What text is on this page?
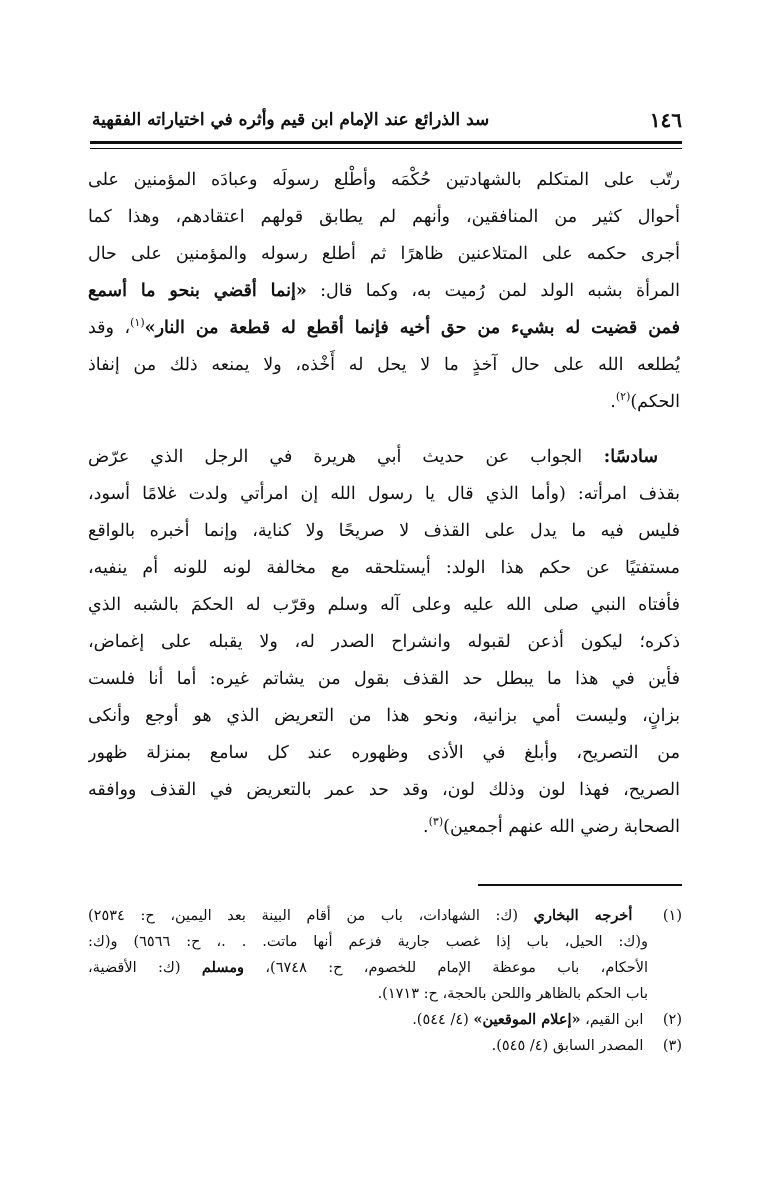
١٤٦
سد الذرائع عند الإمام ابن قيم وأثره في اختياراته الفقهية
رتّب على المتكلم بالشهادتين حُكْمَه وأطْلع رسولَه وعبادَه المؤمنين على
أحوال كثير من المنافقين، وأنهم لم يطابق قولهم اعتقادهم، وهذا كما
أجرى حكمه على المتلاعنين ظاهرًا ثم أطلع رسوله والمؤمنين على حال
المرأة بشبه الولد لمن رُميت به، وكما قال: «إنما أقضي بنحو ما أسمع
فمن قضيت له بشيء من حق أخيه فإنما أقطع له قطعة من النار»$^{(١)}$، وقد
يُطلعه الله على حال آخذٍ ما لا يحل له أَخْذه، ولا يمنعه ذلك من إنفاذ
الحكم)$^{(٢)}$.
سادسًا: الجواب عن حديث أبي هريرة في الرجل الذي عرّض
بقذف امرأته: (وأما الذي قال يا رسول الله إن امرأتي ولدت غلامًا أسود،
فليس فيه ما يدل على القذف لا صريحًا ولا كناية، وإنما أخبره بالواقع
مستفتيًا عن حكم هذا الولد: أيستلحقه مع مخالفة لونه للونه أم ينفيه،
فأفتاه النبي صلى الله عليه وعلى آله وسلم وقرّب له الحكمَ بالشبه الذي
ذكره؛ ليكون أذعن لقبوله وانشراح الصدر له، ولا يقبله على إغماض،
فأين في هذا ما يبطل حد القذف بقول من يشاتم غيره: أما أنا فلست
بزانٍ، وليست أمي بزانية، ونحو هذا من التعريض الذي هو أوجع وأنكى
من التصريح، وأبلغ في الأذى وظهوره عند كل سامع بمنزلة ظهور
الصريح، فهذا لون وذلك لون، وقد حد عمر بالتعريض في القذف ووافقه
الصحابة رضي الله عنهم أجمعين)$^{(٣)}$.
(١) أخرجه البخاري (ك: الشهادات، باب من أقام البينة بعد اليمين، ح: ٢٥٣٤)
و(ك: الحيل، باب إذا غصب جارية فزعم أنها ماتت. . .، ح: ٦٥٦٦) و(ك:
الأحكام، باب موعظة الإمام للخصوم، ح: ٦٧٤٨)، ومسلم (ك: الأقضية،
باب الحكم بالظاهر واللحن بالحجة، ح: ١٧١٣).
(٢) ابن القيم، «إعلام الموقعين» (٤/ ٥٤٤).
(٣) المصدر السابق (٤/ ٥٤٥).
